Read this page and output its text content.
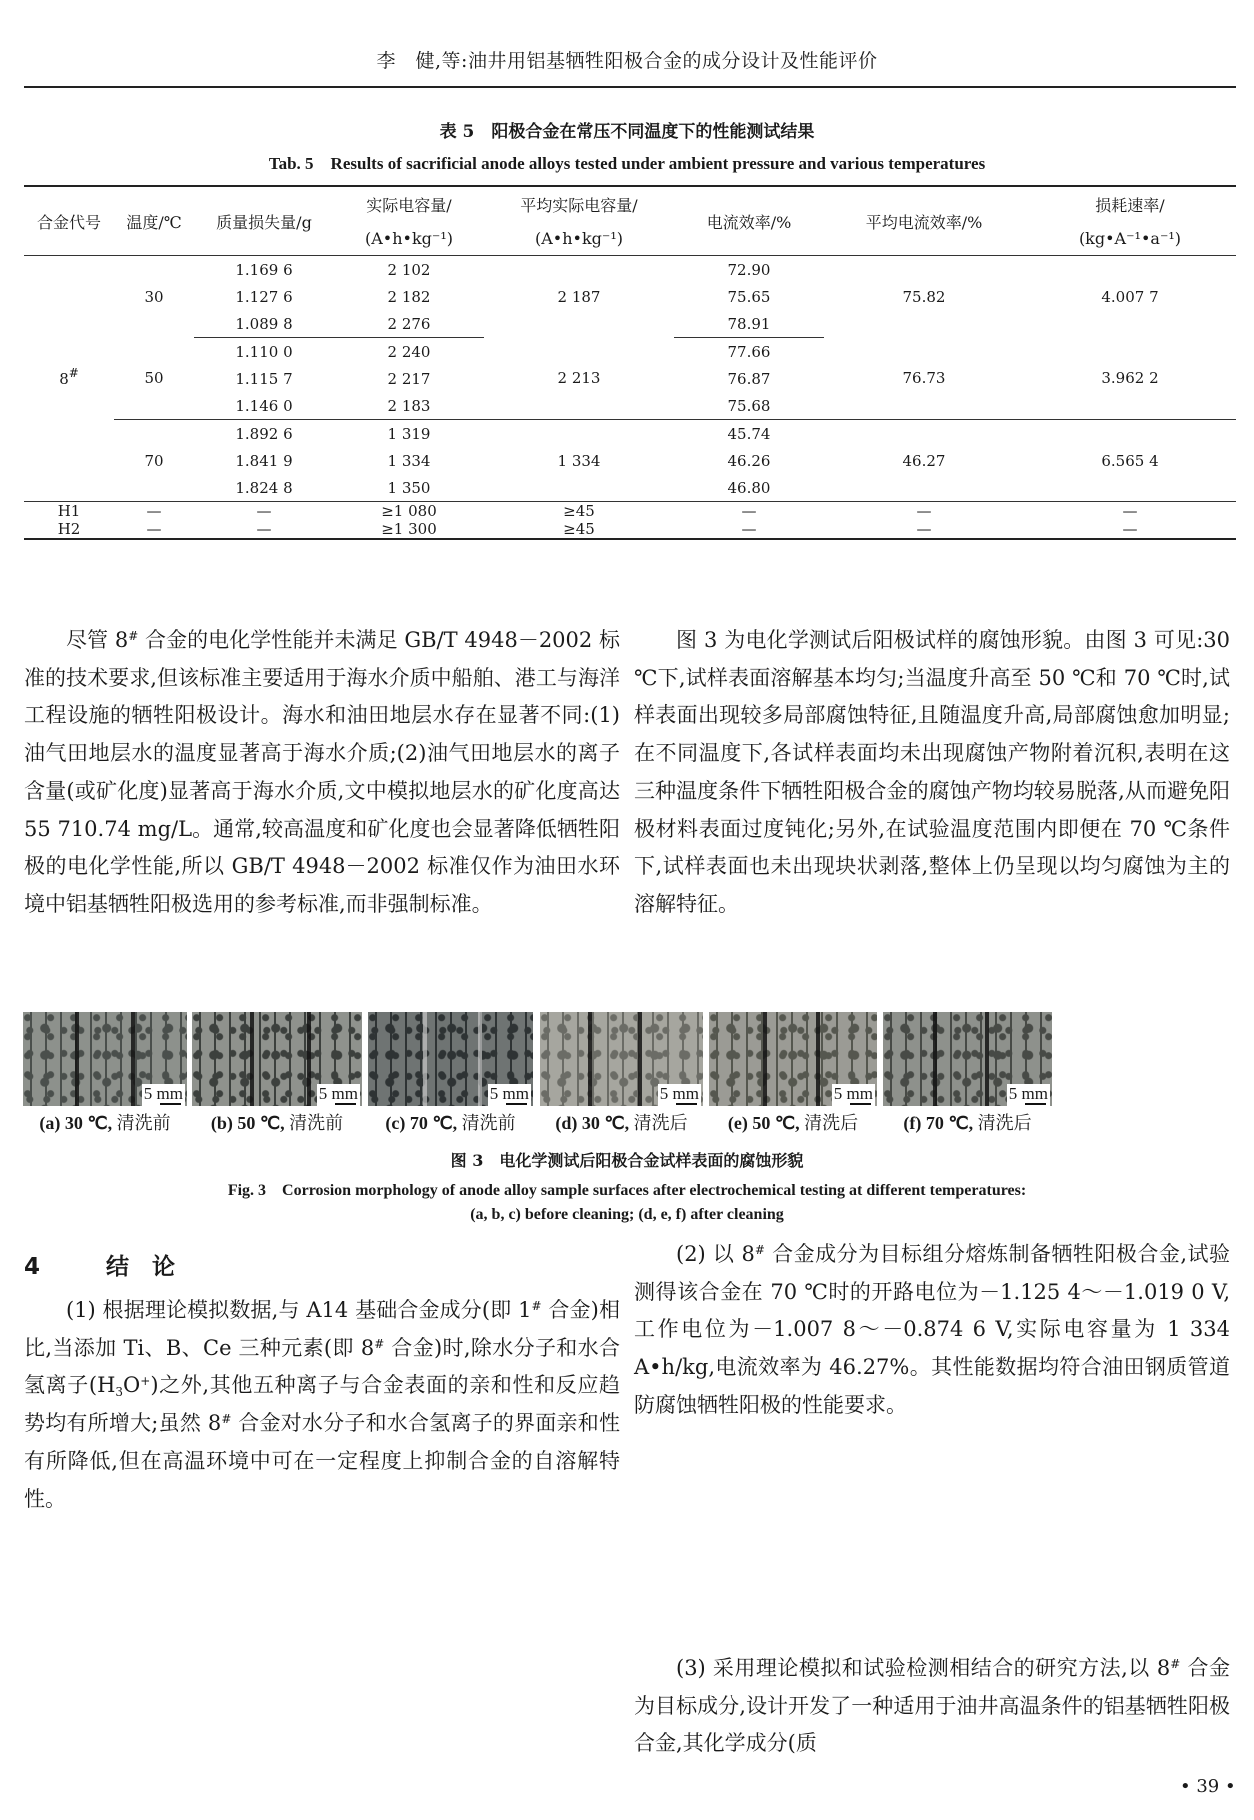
李　健,等:油井用铝基牺牲阳极合金的成分设计及性能评价
表 5　阳极合金在常压不同温度下的性能测试结果
Tab. 5　Results of sacrificial anode alloys tested under ambient pressure and various temperatures
合金代号	温度/℃	质量损失量/g	实际电容量/	平均实际电容量/	电流效率/%	平均电流效率/%	损耗速率/
			(A•h•kg⁻¹)	(A•h•kg⁻¹)			(kg•A⁻¹•a⁻¹)
8#	30	1.169 6	2 102	2 187	72.90	75.82	4.007 7
		1.127 6	2 182		75.65		
		1.089 8	2 276		78.91		
	50	1.110 0	2 240	2 213	77.66	76.73	3.962 2
		1.115 7	2 217		76.87		
		1.146 0	2 183		75.68		
	70	1.892 6	1 319	1 334	45.74	46.27	6.565 4
		1.841 9	1 334		46.26		
		1.824 8	1 350		46.80		
H1	—	—	≥1 080	≥45	—	—	—
H2	—	—	≥1 300	≥45	—	—	—
尽管 8# 合金的电化学性能并未满足 GB/T 4948－2002 标准的技术要求,但该标准主要适用于海水介质中船舶、港工与海洋工程设施的牺牲阳极设计。海水和油田地层水存在显著不同:(1)油气田地层水的温度显著高于海水介质;(2)油气田地层水的离子含量(或矿化度)显著高于海水介质,文中模拟地层水的矿化度高达 55 710.74 mg/L。通常,较高温度和矿化度也会显著降低牺牲阳极的电化学性能,所以 GB/T 4948－2002 标准仅作为油田水环境中铝基牺牲阳极选用的参考标准,而非强制标准。
图 3 为电化学测试后阳极试样的腐蚀形貌。由图 3 可见:30 ℃下,试样表面溶解基本均匀;当温度升高至 50 ℃和 70 ℃时,试样表面出现较多局部腐蚀特征,且随温度升高,局部腐蚀愈加明显;在不同温度下,各试样表面均未出现腐蚀产物附着沉积,表明在这三种温度条件下牺牲阳极合金的腐蚀产物均较易脱落,从而避免阳极材料表面过度钝化;另外,在试验温度范围内即便在 70 ℃条件下,试样表面也未出现块状剥落,整体上仍呈现以均匀腐蚀为主的溶解特征。
5 mm	5 mm	5 mm	5 mm	5 mm	5 mm
(a) 30 ℃, 清洗前	(b) 50 ℃, 清洗前	(c) 70 ℃, 清洗前	(d) 30 ℃, 清洗后	(e) 50 ℃, 清洗后	(f) 70 ℃, 清洗后
图 3　电化学测试后阳极合金试样表面的腐蚀形貌
Fig. 3　Corrosion morphology of anode alloy sample surfaces after electrochemical testing at different temperatures:
(a, b, c) before cleaning; (d, e, f) after cleaning
4	结　论
(1) 根据理论模拟数据,与 A14 基础合金成分(即 1# 合金)相比,当添加 Ti、B、Ce 三种元素(即 8# 合金)时,除水分子和水合氢离子$(H_3O^+)$之外,其他五种离子与合金表面的亲和性和反应趋势均有所增大;虽然 8# 合金对水分子和水合氢离子的界面亲和性有所降低,但在高温环境中可在一定程度上抑制合金的自溶解特性。
(2) 以 8# 合金成分为目标组分熔炼制备牺牲阳极合金,试验测得该合金在 70 ℃时的开路电位为－1.125 4～－1.019 0 V,工作电位为－1.007 8～－0.874 6 V,实际电容量为 1 334 A•h/kg,电流效率为 46.27%。其性能数据均符合油田钢质管道防腐蚀牺牲阳极的性能要求。
(3) 采用理论模拟和试验检测相结合的研究方法,以 8# 合金为目标成分,设计开发了一种适用于油井高温条件的铝基牺牲阳极合金,其化学成分(质
• 39 •
